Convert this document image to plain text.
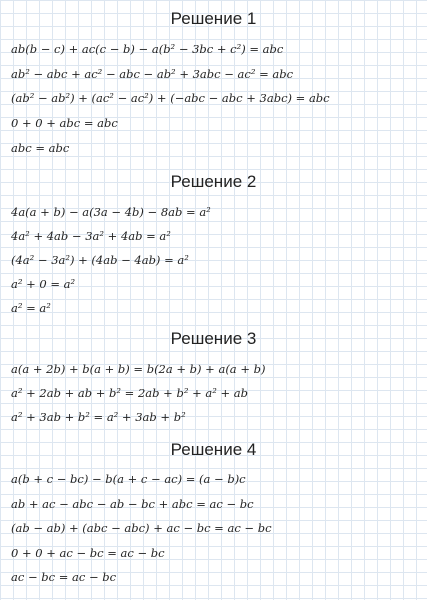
Решение 1
ab(b − c) + ac(c − b) − a(b² − 3bc + c²) = abc
ab² − abc + ac² − abc − ab² + 3abc − ac² = abc
(ab² − ab²) + (ac² − ac²) + (−abc − abc + 3abc) = abc
0 + 0 + abc = abc
abc = abc
Решение 2
4a(a + b) − a(3a − 4b) − 8ab = a²
4a² + 4ab − 3a² + 4ab = a²
(4a² − 3a²) + (4ab − 4ab) = a²
a² + 0 = a²
a² = a²
Решение 3
a(a + 2b) + b(a + b) = b(2a + b) + a(a + b)
a² + 2ab + ab + b² = 2ab + b² + a² + ab
a² + 3ab + b² = a² + 3ab + b²
Решение 4
a(b + c − bc) − b(a + c − ac) = (a − b)c
ab + ac − abc − ab − bc + abc = ac − bc
(ab − ab) + (abc − abc) + ac − bc = ac − bc
0 + 0 + ac − bc = ac − bc
ac − bc = ac − bc
